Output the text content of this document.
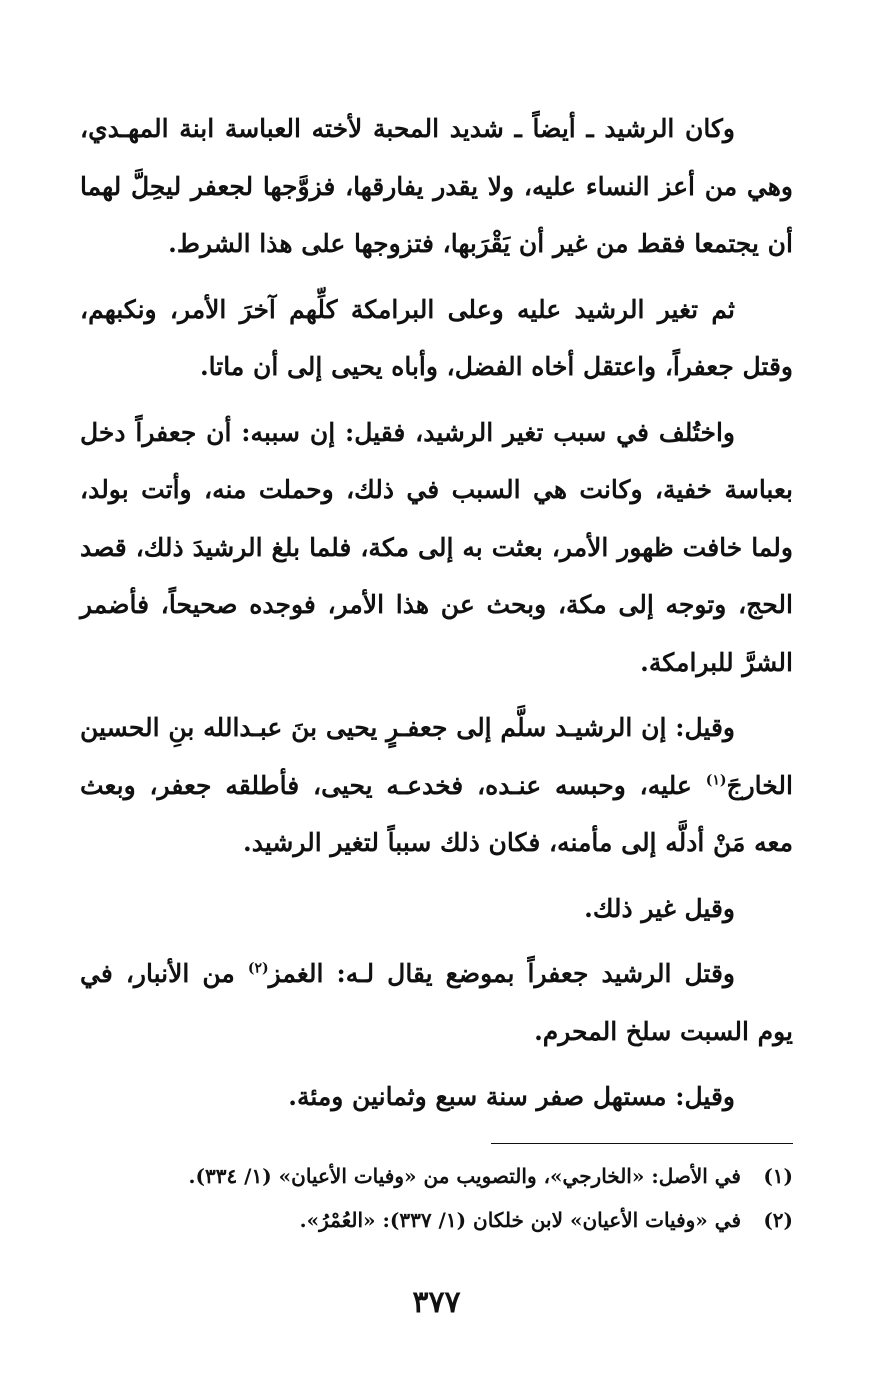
وكان الرشيد ـ أيضاً ـ شديد المحبة لأخته العباسة ابنة المهـدي، وهي من أعز النساء عليه، ولا يقدر يفارقها، فزوَّجها لجعفر ليحِلَّ لهما أن يجتمعا فقط من غير أن يَقْرَبها، فتزوجها على هذا الشرط.

ثم تغير الرشيد عليه وعلى البرامكة كلِّهم آخرَ الأمر، ونكبهم، وقتل جعفراً، واعتقل أخاه الفضل، وأباه يحيى إلى أن ماتا.

واختُلف في سبب تغير الرشيد، فقيل: إن سببه: أن جعفراً دخل بعباسة خفية، وكانت هي السبب في ذلك، وحملت منه، وأتت بولد، ولما خافت ظهور الأمر، بعثت به إلى مكة، فلما بلغ الرشيدَ ذلك، قصد الحج، وتوجه إلى مكة، وبحث عن هذا الأمر، فوجده صحيحاً، فأضمر الشرَّ للبرامكة.

وقيل: إن الرشيـد سلَّم إلى جعفـرٍ يحيى بنَ عبـدالله بنِ الحسين الخارجَ$^{(١)}$ عليه، وحبسه عنـده، فخدعـه يحيى، فأطلقه جعفر، وبعث معه مَنْ أدلَّه إلى مأمنه، فكان ذلك سبباً لتغير الرشيد.

وقيل غير ذلك.

وقتل الرشيد جعفراً بموضع يقال لـه: الغمز$^{(٢)}$ من الأنبار، في يوم السبت سلخ المحرم.

وقيل: مستهل صفر سنة سبع وثمانين ومئة.

(١)
في الأصل: «الخارجي»، والتصويب من «وفيات الأعيان» (١/ ٣٣٤).
(٢)
في «وفيات الأعيان» لابن خلكان (١/ ٣٣٧): «العُمْرُ».
٣٧٧
